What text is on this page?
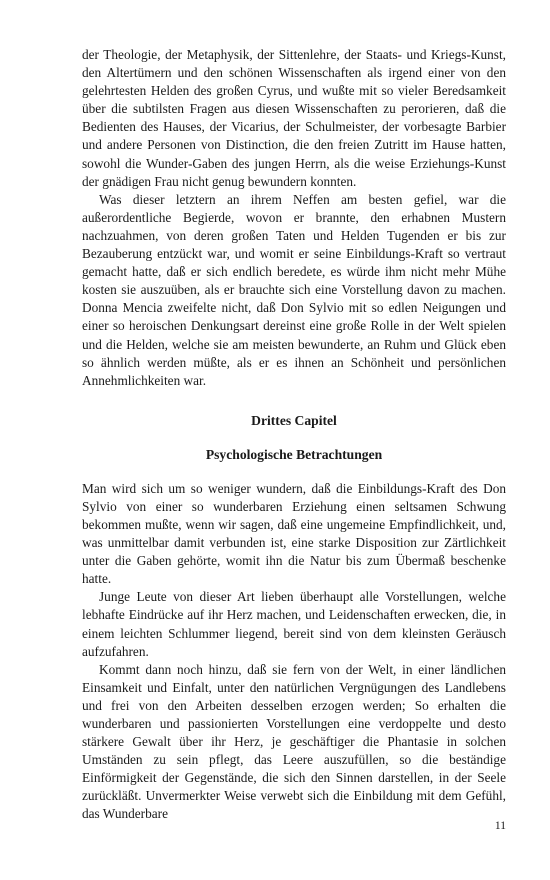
der Theologie, der Metaphysik, der Sittenlehre, der Staats- und Kriegs-Kunst, den Altertümern und den schönen Wissenschaften als irgend einer von den gelehrtesten Helden des großen Cyrus, und wußte mit so vieler Beredsamkeit über die subtilsten Fragen aus diesen Wissenschaften zu perorieren, daß die Bedienten des Hauses, der Vicarius, der Schulmeister, der vorbesagte Barbier und andere Personen von Distinction, die den freien Zutritt im Hause hatten, sowohl die Wunder-Gaben des jungen Herrn, als die weise Erziehungs-Kunst der gnädigen Frau nicht genug bewundern konnten.

Was dieser letztern an ihrem Neffen am besten gefiel, war die außerordentliche Begierde, wovon er brannte, den erhabnen Mustern nachzuahmen, von deren großen Taten und Helden Tugenden er bis zur Bezauberung entzückt war, und womit er seine Einbildungs-Kraft so vertraut gemacht hatte, daß er sich endlich beredete, es würde ihm nicht mehr Mühe kosten sie auszuüben, als er brauchte sich eine Vorstellung davon zu machen. Donna Mencia zweifelte nicht, daß Don Sylvio mit so edlen Neigungen und einer so heroischen Denkungsart dereinst eine große Rolle in der Welt spielen und die Helden, welche sie am meisten bewunderte, an Ruhm und Glück eben so ähnlich werden müßte, als er es ihnen an Schönheit und persönlichen Annehmlichkeiten war.

Drittes Capitel
Psychologische Betrachtungen

Man wird sich um so weniger wundern, daß die Einbildungs-Kraft des Don Sylvio von einer so wunderbaren Erziehung einen seltsamen Schwung bekommen mußte, wenn wir sagen, daß eine ungemeine Empfindlichkeit, und, was unmittelbar damit verbunden ist, eine starke Disposition zur Zärtlichkeit unter die Gaben gehörte, womit ihn die Natur bis zum Übermaß beschenke hatte.

Junge Leute von dieser Art lieben überhaupt alle Vorstellungen, welche lebhafte Eindrücke auf ihr Herz machen, und Leidenschaften erwecken, die, in einem leichten Schlummer liegend, bereit sind von dem kleinsten Geräusch aufzufahren.

Kommt dann noch hinzu, daß sie fern von der Welt, in einer ländlichen Einsamkeit und Einfalt, unter den natürlichen Vergnügungen des Landlebens und frei von den Arbeiten desselben erzogen werden; So erhalten die wunderbaren und passionierten Vorstellungen eine verdoppelte und desto stärkere Gewalt über ihr Herz, je geschäftiger die Phantasie in solchen Umständen zu sein pflegt, das Leere auszufüllen, so die beständige Einförmigkeit der Gegenstände, die sich den Sinnen darstellen, in der Seele zurückläßt. Unvermerkter Weise verwebt sich die Einbildung mit dem Gefühl, das Wunderbare

11
